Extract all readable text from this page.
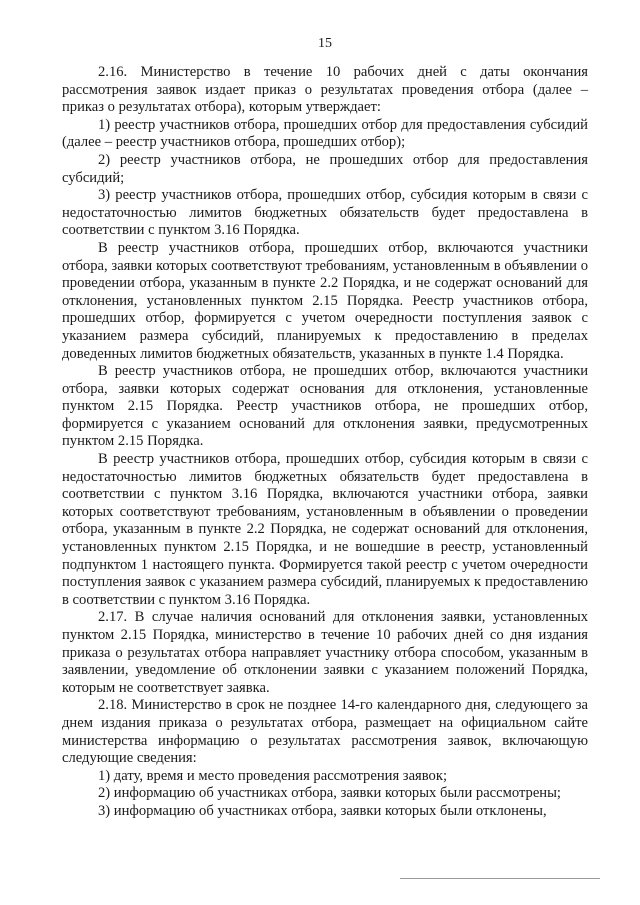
15

2.16. Министерство в течение 10 рабочих дней с даты окончания рассмотрения заявок издает приказ о результатах проведения отбора (далее – приказ о результатах отбора), которым утверждает:

1) реестр участников отбора, прошедших отбор для предоставления субсидий (далее – реестр участников отбора, прошедших отбор);

2) реестр участников отбора, не прошедших отбор для предоставления субсидий;

3) реестр участников отбора, прошедших отбор, субсидия которым в связи с недостаточностью лимитов бюджетных обязательств будет предоставлена в соответствии с пунктом 3.16 Порядка.

В реестр участников отбора, прошедших отбор, включаются участники отбора, заявки которых соответствуют требованиям, установленным в объявлении о проведении отбора, указанным в пункте 2.2 Порядка, и не содержат оснований для отклонения, установленных пунктом 2.15 Порядка. Реестр участников отбора, прошедших отбор, формируется с учетом очередности поступления заявок с указанием размера субсидий, планируемых к предоставлению в пределах доведенных лимитов бюджетных обязательств, указанных в пункте 1.4 Порядка.

В реестр участников отбора, не прошедших отбор, включаются участники отбора, заявки которых содержат основания для отклонения, установленные пунктом 2.15 Порядка. Реестр участников отбора, не прошедших отбор, формируется с указанием оснований для отклонения заявки, предусмотренных пунктом 2.15 Порядка.

В реестр участников отбора, прошедших отбор, субсидия которым в связи с недостаточностью лимитов бюджетных обязательств будет предоставлена в соответствии с пунктом 3.16 Порядка, включаются участники отбора, заявки которых соответствуют требованиям, установленным в объявлении о проведении отбора, указанным в пункте 2.2 Порядка, не содержат оснований для отклонения, установленных пунктом 2.15 Порядка, и не вошедшие в реестр, установленный подпунктом 1 настоящего пункта. Формируется такой реестр с учетом очередности поступления заявок с указанием размера субсидий, планируемых к предоставлению в соответствии с пунктом 3.16 Порядка.

2.17. В случае наличия оснований для отклонения заявки, установленных пунктом 2.15 Порядка, министерство в течение 10 рабочих дней со дня издания приказа о результатах отбора направляет участнику отбора способом, указанным в заявлении, уведомление об отклонении заявки с указанием положений Порядка, которым не соответствует заявка.

2.18. Министерство в срок не позднее 14-го календарного дня, следующего за днем издания приказа о результатах отбора, размещает на официальном сайте министерства информацию о результатах рассмотрения заявок, включающую следующие сведения:

1) дату, время и место проведения рассмотрения заявок;

2) информацию об участниках отбора, заявки которых были рассмотрены;

3) информацию об участниках отбора, заявки которых были отклонены,
